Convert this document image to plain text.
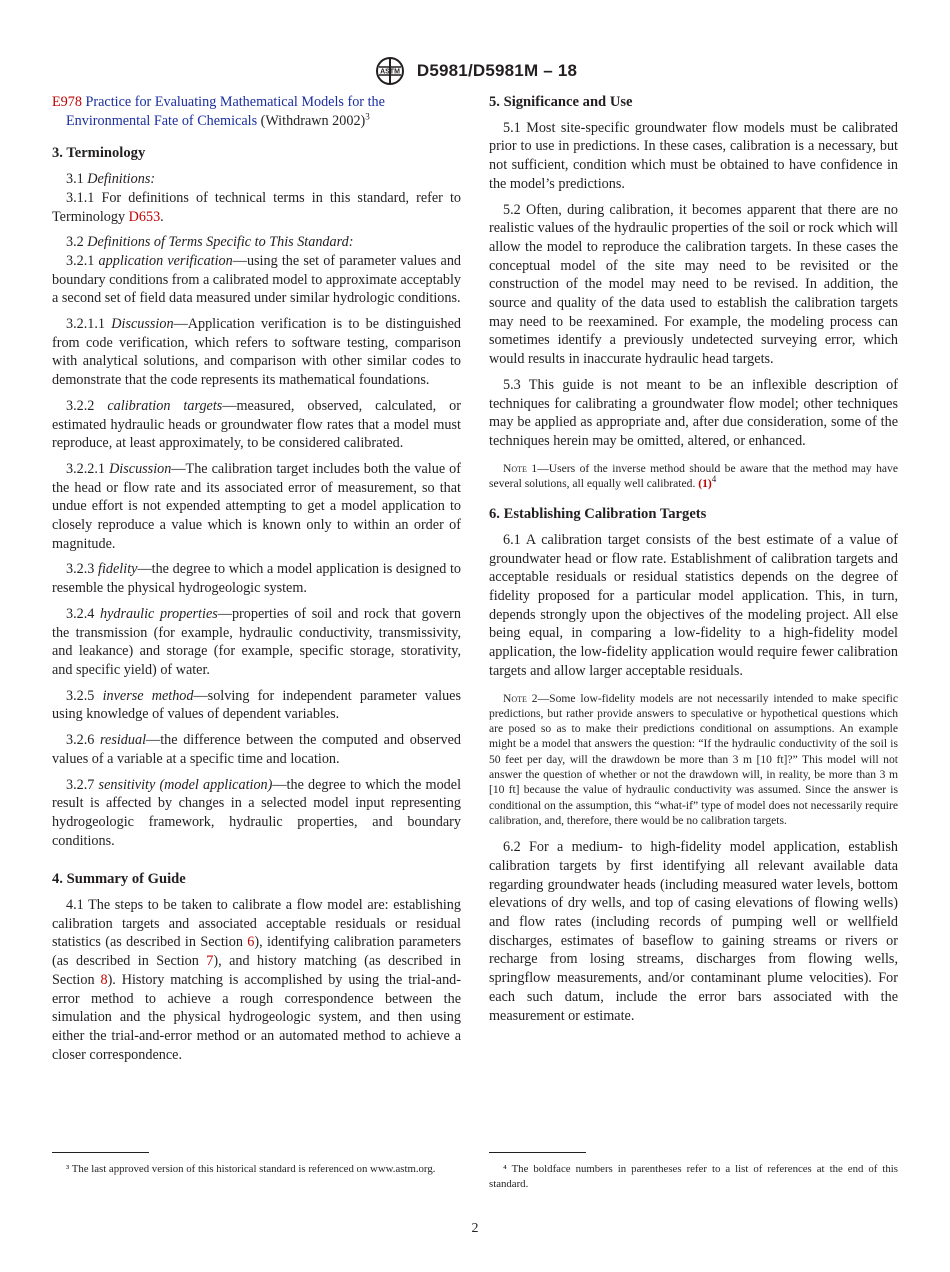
ASTM D5981/D5981M – 18

E978 Practice for Evaluating Mathematical Models for the Environmental Fate of Chemicals (Withdrawn 2002)$^3$

3. Terminology

3.1 Definitions:

3.1.1 For definitions of technical terms in this standard, refer to Terminology D653.

3.2 Definitions of Terms Specific to This Standard:

3.2.1 application verification—using the set of parameter values and boundary conditions from a calibrated model to approximate acceptably a second set of field data measured under similar hydrologic conditions.

3.2.1.1 Discussion—Application verification is to be distinguished from code verification, which refers to software testing, comparison with analytical solutions, and comparison with other similar codes to demonstrate that the code represents its mathematical foundations.

3.2.2 calibration targets—measured, observed, calculated, or estimated hydraulic heads or groundwater flow rates that a model must reproduce, at least approximately, to be considered calibrated.

3.2.2.1 Discussion—The calibration target includes both the value of the head or flow rate and its associated error of measurement, so that undue effort is not expended attempting to get a model application to closely reproduce a value which is known only to within an order of magnitude.

3.2.3 fidelity—the degree to which a model application is designed to resemble the physical hydrogeologic system.

3.2.4 hydraulic properties—properties of soil and rock that govern the transmission (for example, hydraulic conductivity, transmissivity, and leakance) and storage (for example, specific storage, storativity, and specific yield) of water.

3.2.5 inverse method—solving for independent parameter values using knowledge of values of dependent variables.

3.2.6 residual—the difference between the computed and observed values of a variable at a specific time and location.

3.2.7 sensitivity (model application)—the degree to which the model result is affected by changes in a selected model input representing hydrogeologic framework, hydraulic properties, and boundary conditions.

4. Summary of Guide

4.1 The steps to be taken to calibrate a flow model are: establishing calibration targets and associated acceptable residuals or residual statistics (as described in Section 6), identifying calibration parameters (as described in Section 7), and history matching (as described in Section 8). History matching is accomplished by using the trial-and-error method to achieve a rough correspondence between the simulation and the physical hydrogeologic system, and then using either the trial-and-error method or an automated method to achieve a closer correspondence.

5. Significance and Use

5.1 Most site-specific groundwater flow models must be calibrated prior to use in predictions. In these cases, calibration is a necessary, but not sufficient, condition which must be obtained to have confidence in the model’s predictions.

5.2 Often, during calibration, it becomes apparent that there are no realistic values of the hydraulic properties of the soil or rock which will allow the model to reproduce the calibration targets. In these cases the conceptual model of the site may need to be revisited or the construction of the model may need to be revised. In addition, the source and quality of the data used to establish the calibration targets may need to be reexamined. For example, the modeling process can sometimes identify a previously undetected surveying error, which would results in inaccurate hydraulic head targets.

5.3 This guide is not meant to be an inflexible description of techniques for calibrating a groundwater flow model; other techniques may be applied as appropriate and, after due consideration, some of the techniques herein may be omitted, altered, or enhanced.

Note 1—Users of the inverse method should be aware that the method may have several solutions, all equally well calibrated. $(1)^4$

6. Establishing Calibration Targets

6.1 A calibration target consists of the best estimate of a value of groundwater head or flow rate. Establishment of calibration targets and acceptable residuals or residual statistics depends on the degree of fidelity proposed for a particular model application. This, in turn, depends strongly upon the objectives of the modeling project. All else being equal, in comparing a low-fidelity to a high-fidelity model application, the low-fidelity application would require fewer calibration targets and allow larger acceptable residuals.

Note 2—Some low-fidelity models are not necessarily intended to make specific predictions, but rather provide answers to speculative or hypothetical questions which are posed so as to make their predictions conditional on assumptions. An example might be a model that answers the question: “If the hydraulic conductivity of the soil is 50 feet per day, will the drawdown be more than 3 m [10 ft]?” This model will not answer the question of whether or not the drawdown will, in reality, be more than 3 m [10 ft] because the value of hydraulic conductivity was assumed. Since the answer is conditional on the assumption, this “what-if” type of model does not necessarily require calibration, and, therefore, there would be no calibration targets.

6.2 For a medium- to high-fidelity model application, establish calibration targets by first identifying all relevant available data regarding groundwater heads (including measured water levels, bottom elevations of dry wells, and top of casing elevations of flowing wells) and flow rates (including records of pumping well or wellfield discharges, estimates of baseflow to gaining streams or rivers or recharge from losing streams, discharges from flowing wells, springflow measurements, and/or contaminant plume velocities). For each such datum, include the error bars associated with the measurement or estimate.

³ The last approved version of this historical standard is referenced on www.astm.org.	⁴ The boldface numbers in parentheses refer to a list of references at the end of this standard.
2
